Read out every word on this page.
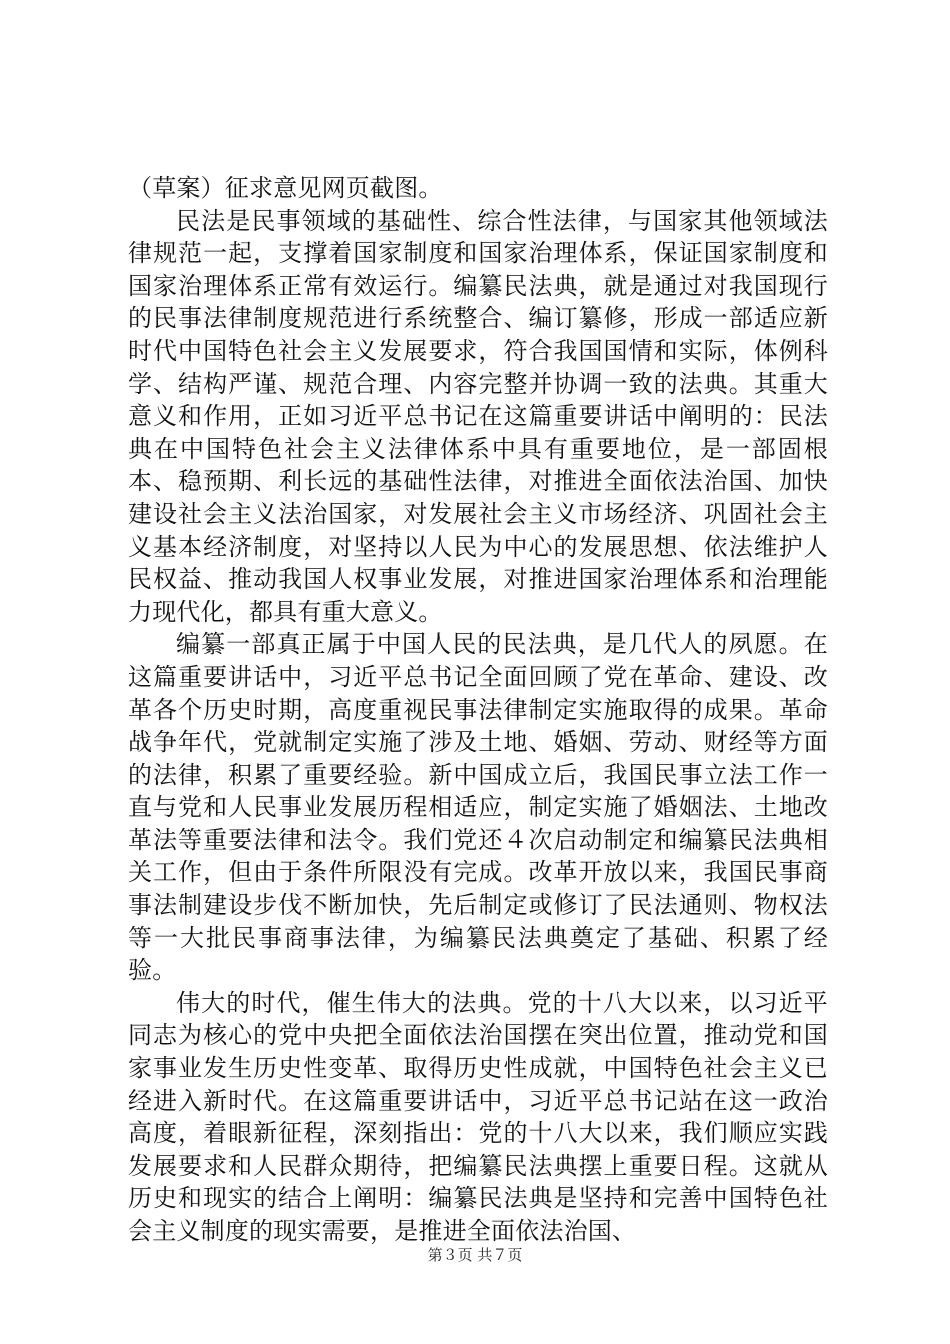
（草案）征求意见网页截图。

民法是民事领域的基础性、综合性法律，与国家其他领域法律规范一起，支撑着国家制度和国家治理体系，保证国家制度和国家治理体系正常有效运行。编纂民法典，就是通过对我国现行的民事法律制度规范进行系统整合、编订纂修，形成一部适应新时代中国特色社会主义发展要求，符合我国国情和实际，体例科学、结构严谨、规范合理、内容完整并协调一致的法典。其重大意义和作用，正如习近平总书记在这篇重要讲话中阐明的：民法典在中国特色社会主义法律体系中具有重要地位，是一部固根本、稳预期、利长远的基础性法律，对推进全面依法治国、加快建设社会主义法治国家，对发展社会主义市场经济、巩固社会主义基本经济制度，对坚持以人民为中心的发展思想、依法维护人民权益、推动我国人权事业发展，对推进国家治理体系和治理能力现代化，都具有重大意义。

编纂一部真正属于中国人民的民法典，是几代人的夙愿。在这篇重要讲话中，习近平总书记全面回顾了党在革命、建设、改革各个历史时期，高度重视民事法律制定实施取得的成果。革命战争年代，党就制定实施了涉及土地、婚姻、劳动、财经等方面的法律，积累了重要经验。新中国成立后，我国民事立法工作一直与党和人民事业发展历程相适应，制定实施了婚姻法、土地改革法等重要法律和法令。我们党还４次启动制定和编纂民法典相关工作，但由于条件所限没有完成。改革开放以来，我国民事商事法制建设步伐不断加快，先后制定或修订了民法通则、物权法等一大批民事商事法律，为编纂民法典奠定了基础、积累了经验。

伟大的时代，催生伟大的法典。党的十八大以来，以习近平同志为核心的党中央把全面依法治国摆在突出位置，推动党和国家事业发生历史性变革、取得历史性成就，中国特色社会主义已经进入新时代。在这篇重要讲话中，习近平总书记站在这一政治高度，着眼新征程，深刻指出：党的十八大以来，我们顺应实践发展要求和人民群众期待，把编纂民法典摆上重要日程。这就从历史和现实的结合上阐明：编纂民法典是坚持和完善中国特色社会主义制度的现实需要，是推进全面依法治国、

第３页 共７页
